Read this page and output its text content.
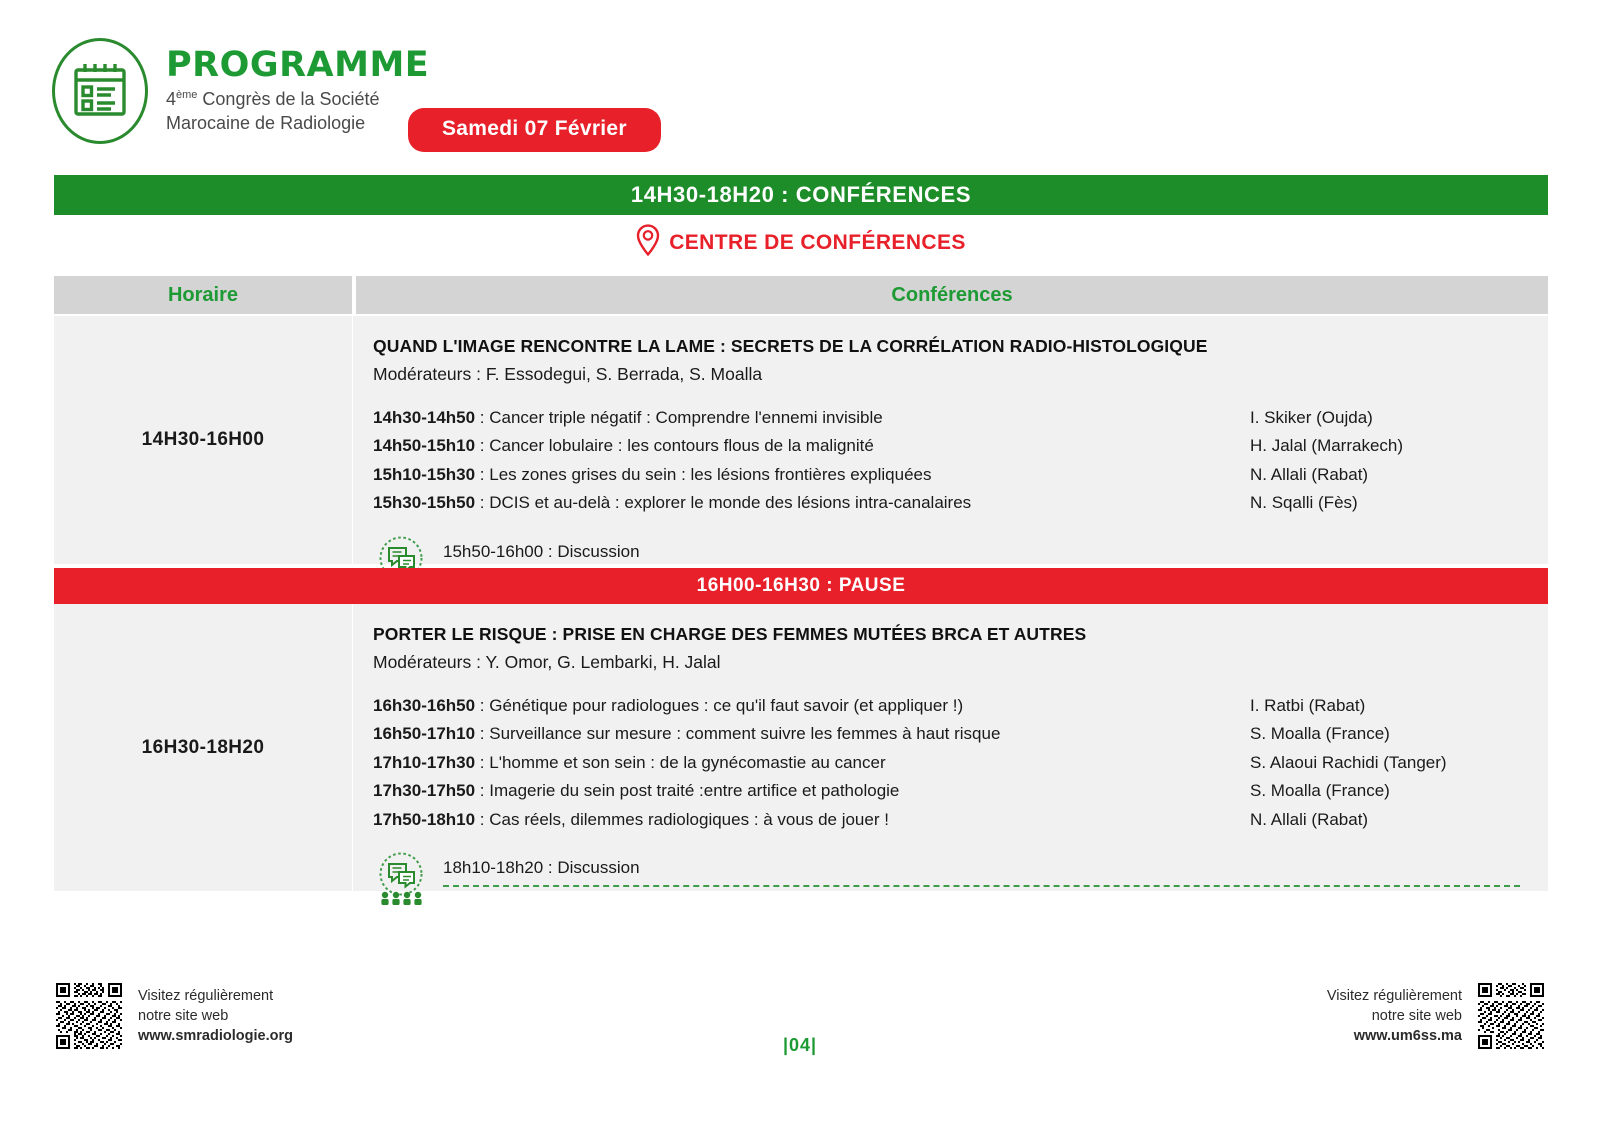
PROGRAMME
4ème Congrès de la Société
Marocaine de Radiologie	Samedi 07 Février
14H30-18H20 : CONFÉRENCES
CENTRE DE CONFÉRENCES
Horaire	Conférences
14H30-16H00
QUAND L'IMAGE RENCONTRE LA LAME : SECRETS DE LA CORRÉLATION RADIO-HISTOLOGIQUE
Modérateurs : F. Essodegui, S. Berrada, S. Moalla
14h30-14h50 : Cancer triple négatif : Comprendre l'ennemi invisible	I. Skiker (Oujda)
14h50-15h10 : Cancer lobulaire : les contours flous de la malignité	H. Jalal (Marrakech)
15h10-15h30 : Les zones grises du sein : les lésions frontières expliquées	N. Allali (Rabat)
15h30-15h50 : DCIS et au-delà : explorer le monde des lésions intra-canalaires	N. Sqalli (Fès)
15h50-16h00 : Discussion
16H00-16H30 : PAUSE
16H30-18H20
PORTER LE RISQUE : PRISE EN CHARGE DES FEMMES MUTÉES BRCA ET AUTRES
Modérateurs : Y. Omor, G. Lembarki, H. Jalal
16h30-16h50 : Génétique pour radiologues : ce qu'il faut savoir (et appliquer !)	I. Ratbi (Rabat)
16h50-17h10 : Surveillance sur mesure : comment suivre les femmes à haut risque	S. Moalla (France)
17h10-17h30 : L'homme et son sein : de la gynécomastie au cancer	S. Alaoui Rachidi (Tanger)
17h30-17h50 : Imagerie du sein post traité :entre artifice et pathologie	S. Moalla (France)
17h50-18h10 : Cas réels, dilemmes radiologiques : à vous de jouer !	N. Allali (Rabat)
18h10-18h20 : Discussion
Visitez régulièrement
notre site web
www.smradiologie.org
Visitez régulièrement
notre site web
www.um6ss.ma
|04|
